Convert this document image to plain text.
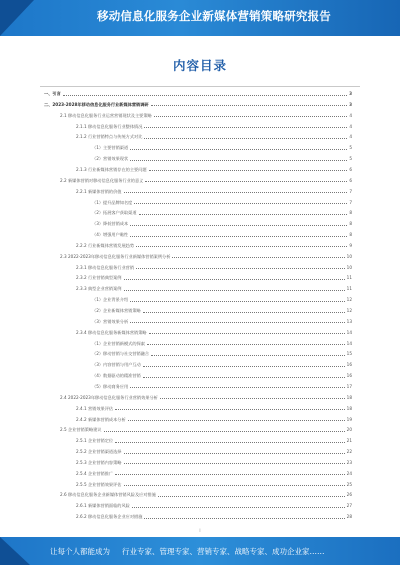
移动信息化服务企业新媒体营销策略研究报告
内容目录
一、引言	3
二、2023-2028年移动信息化服务行业新媒体营销调研	3
2.1 移动信息化服务行业运营营销现状及主要策略	4
2.1.1 移动信息化服务行业整体情况	4
2.1.2 行业营销特点与传统方式对比	4
（1）主要营销渠道	5
（2）营销效果现状	5
2.1.3 行业新媒体营销存在的主要问题	6
2.2 新媒体营销对移动信息化服务行业的意义	6
2.2.1 新媒体营销的价值	7
（1）提升品牌知名度	7
（2）拓展客户获取渠道	8
（3）降低营销成本	8
（4）增强用户黏性	8
2.2.2 行业新媒体营销发展趋势	9
2.3 2022-2023年移动信息化服务行业新媒体营销案例分析	10
2.3.1 移动信息化服务行业营销	10
2.3.2 行业营销典型案例	11
2.3.3 典型企业营销案例	11
（1）企业背景介绍	12
（2）企业新媒体营销策略	12
（3）营销效果分析	13
2.3.4 移动信息化服务新媒体营销策略	14
（1）企业营销新模式的探索	14
（2）移动营销与社交营销融合	15
（3）内容营销与用户互动	16
（4）数据驱动的精准营销	16
（5）移动商务应用	17
2.4 2022-2023年移动信息化服务行业营销效果分析	18
2.4.1 营销效果评估	18
2.4.2 新媒体营销成本分析	19
2.5 企业营销策略建议	20
2.5.1 企业营销定位	21
2.5.2 企业营销渠道选择	22
2.5.3 企业营销内容策略	23
2.5.4 企业营销推广	24
2.5.5 企业营销效果评估	25
2.6 移动信息化服务企业新媒体营销风险及应对措施	26
2.6.1 新媒体营销面临的风险	27
2.6.2 移动信息化服务企业应对措施	28
I
让每个人都能成为 行业专家、管理专家、营销专家、战略专家、成功企业家……
